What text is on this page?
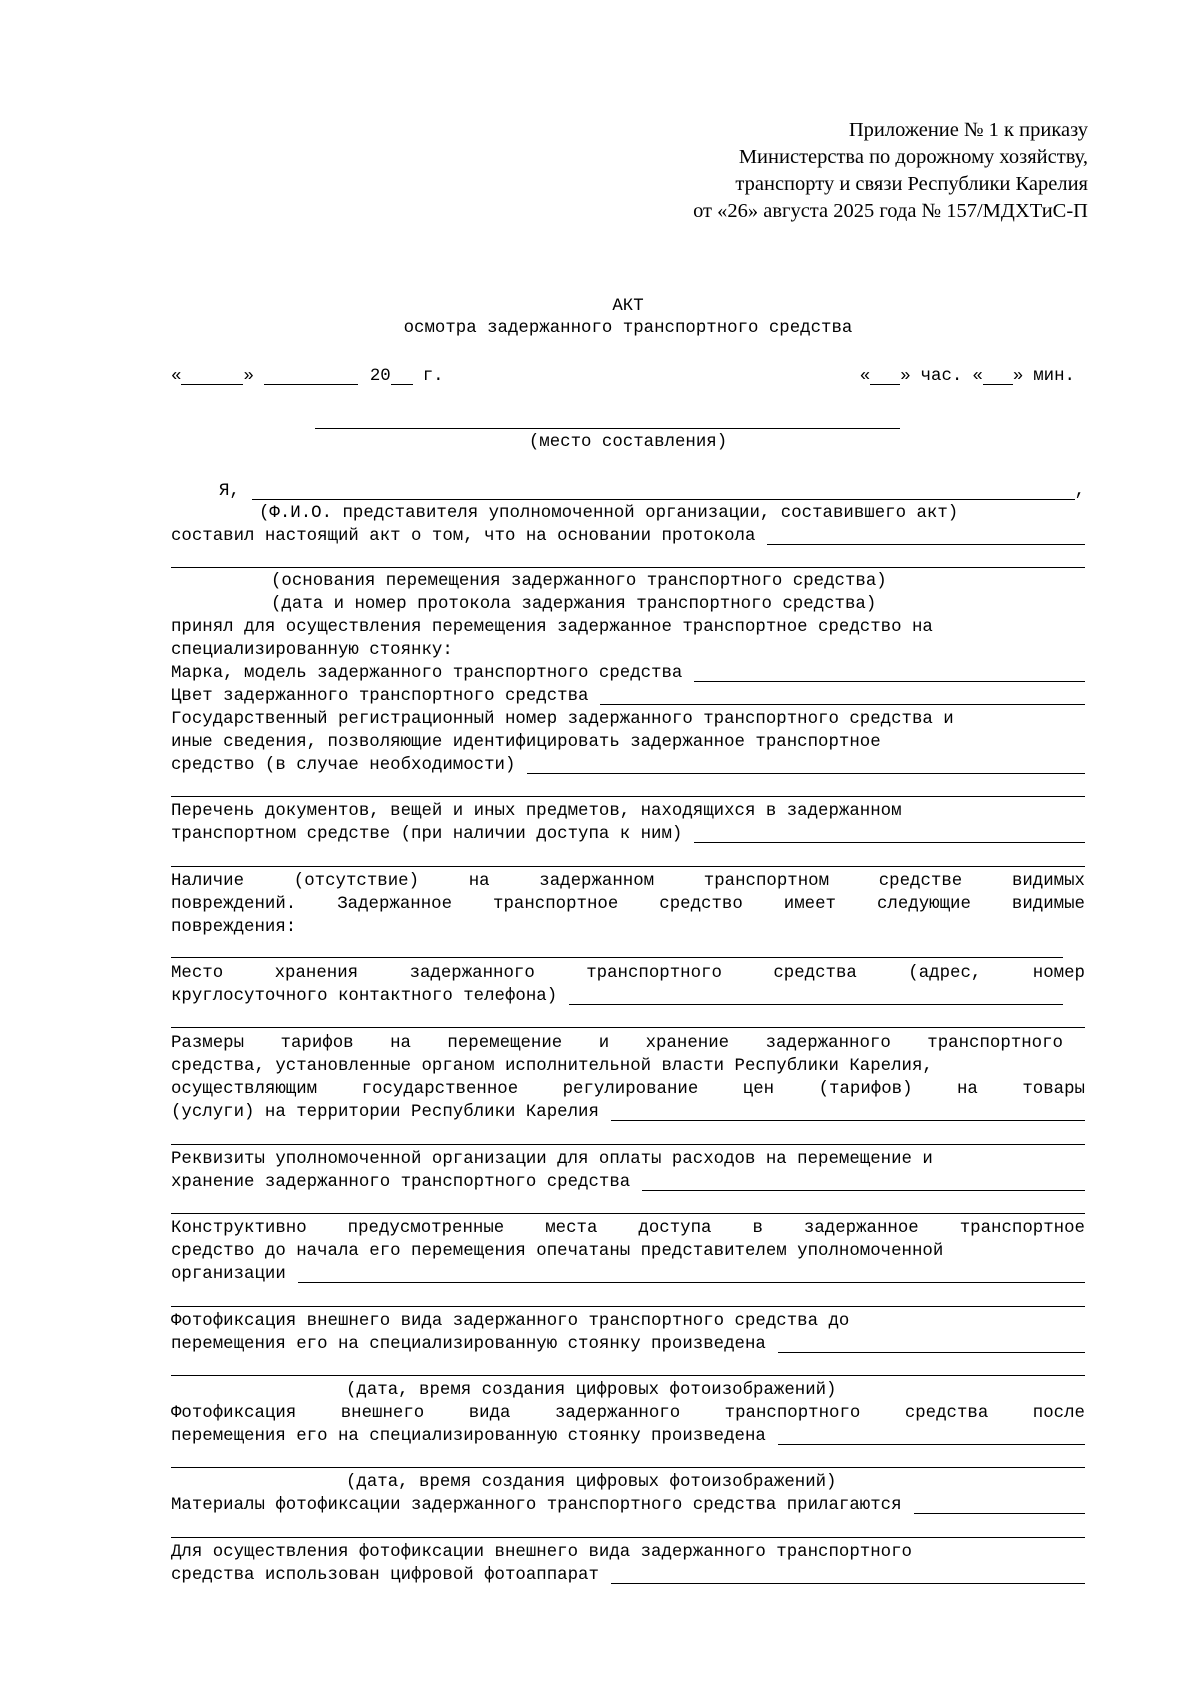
Приложение № 1 к приказу
Министерства по дорожному хозяйству,
транспорту и связи Республики Карелия
от «26» августа 2025 года № 157/МДХТиС-П
АКТ
осмотра задержанного транспортного средства
«	»	20 г.	« » час. « » мин.
(место составления)
Я,	,
(Ф.И.О. представителя уполномоченной организации, составившего акт)
составил настоящий акт о том, что на основании протокола
(основания перемещения задержанного транспортного средства)
(дата и номер протокола задержания транспортного средства)
принял для осуществления перемещения задержанное транспортное средство на
специализированную стоянку:
Марка, модель задержанного транспортного средства
Цвет задержанного транспортного средства
Государственный регистрационный номер задержанного транспортного средства и
иные сведения, позволяющие идентифицировать задержанное транспортное
средство (в случае необходимости)
Перечень документов, вещей и иных предметов, находящихся в задержанном
транспортном средстве (при наличии доступа к ним)
Наличие	(отсутствие)	на	задержанном	транспортном	средстве	видимых
повреждений. Задержанное транспортное средство имеет следующие видимые
повреждения:
Место	хранения	задержанного	транспортного	средства	(адрес,	номер
круглосуточного контактного телефона)
Размеры тарифов на перемещение и хранение задержанного транспортного
средства, установленные органом исполнительной власти Республики Карелия,
осуществляющим	государственное	регулирование	цен	(тарифов)	на	товары
(услуги) на территории Республики Карелия
Реквизиты уполномоченной организации для оплаты расходов на перемещение и
хранение задержанного транспортного средства
Конструктивно предусмотренные места доступа в задержанное транспортное
средство до начала его перемещения опечатаны представителем уполномоченной
организации
Фотофиксация внешнего вида задержанного транспортного средства до
перемещения его на специализированную стоянку произведена
(дата, время создания цифровых фотоизображений)
Фотофиксация	внешнего	вида	задержанного	транспортного	средства	после
перемещения его на специализированную стоянку произведена
(дата, время создания цифровых фотоизображений)
Материалы фотофиксации задержанного транспортного средства прилагаются
Для осуществления фотофиксации внешнего вида задержанного транспортного
средства использован цифровой фотоаппарат
